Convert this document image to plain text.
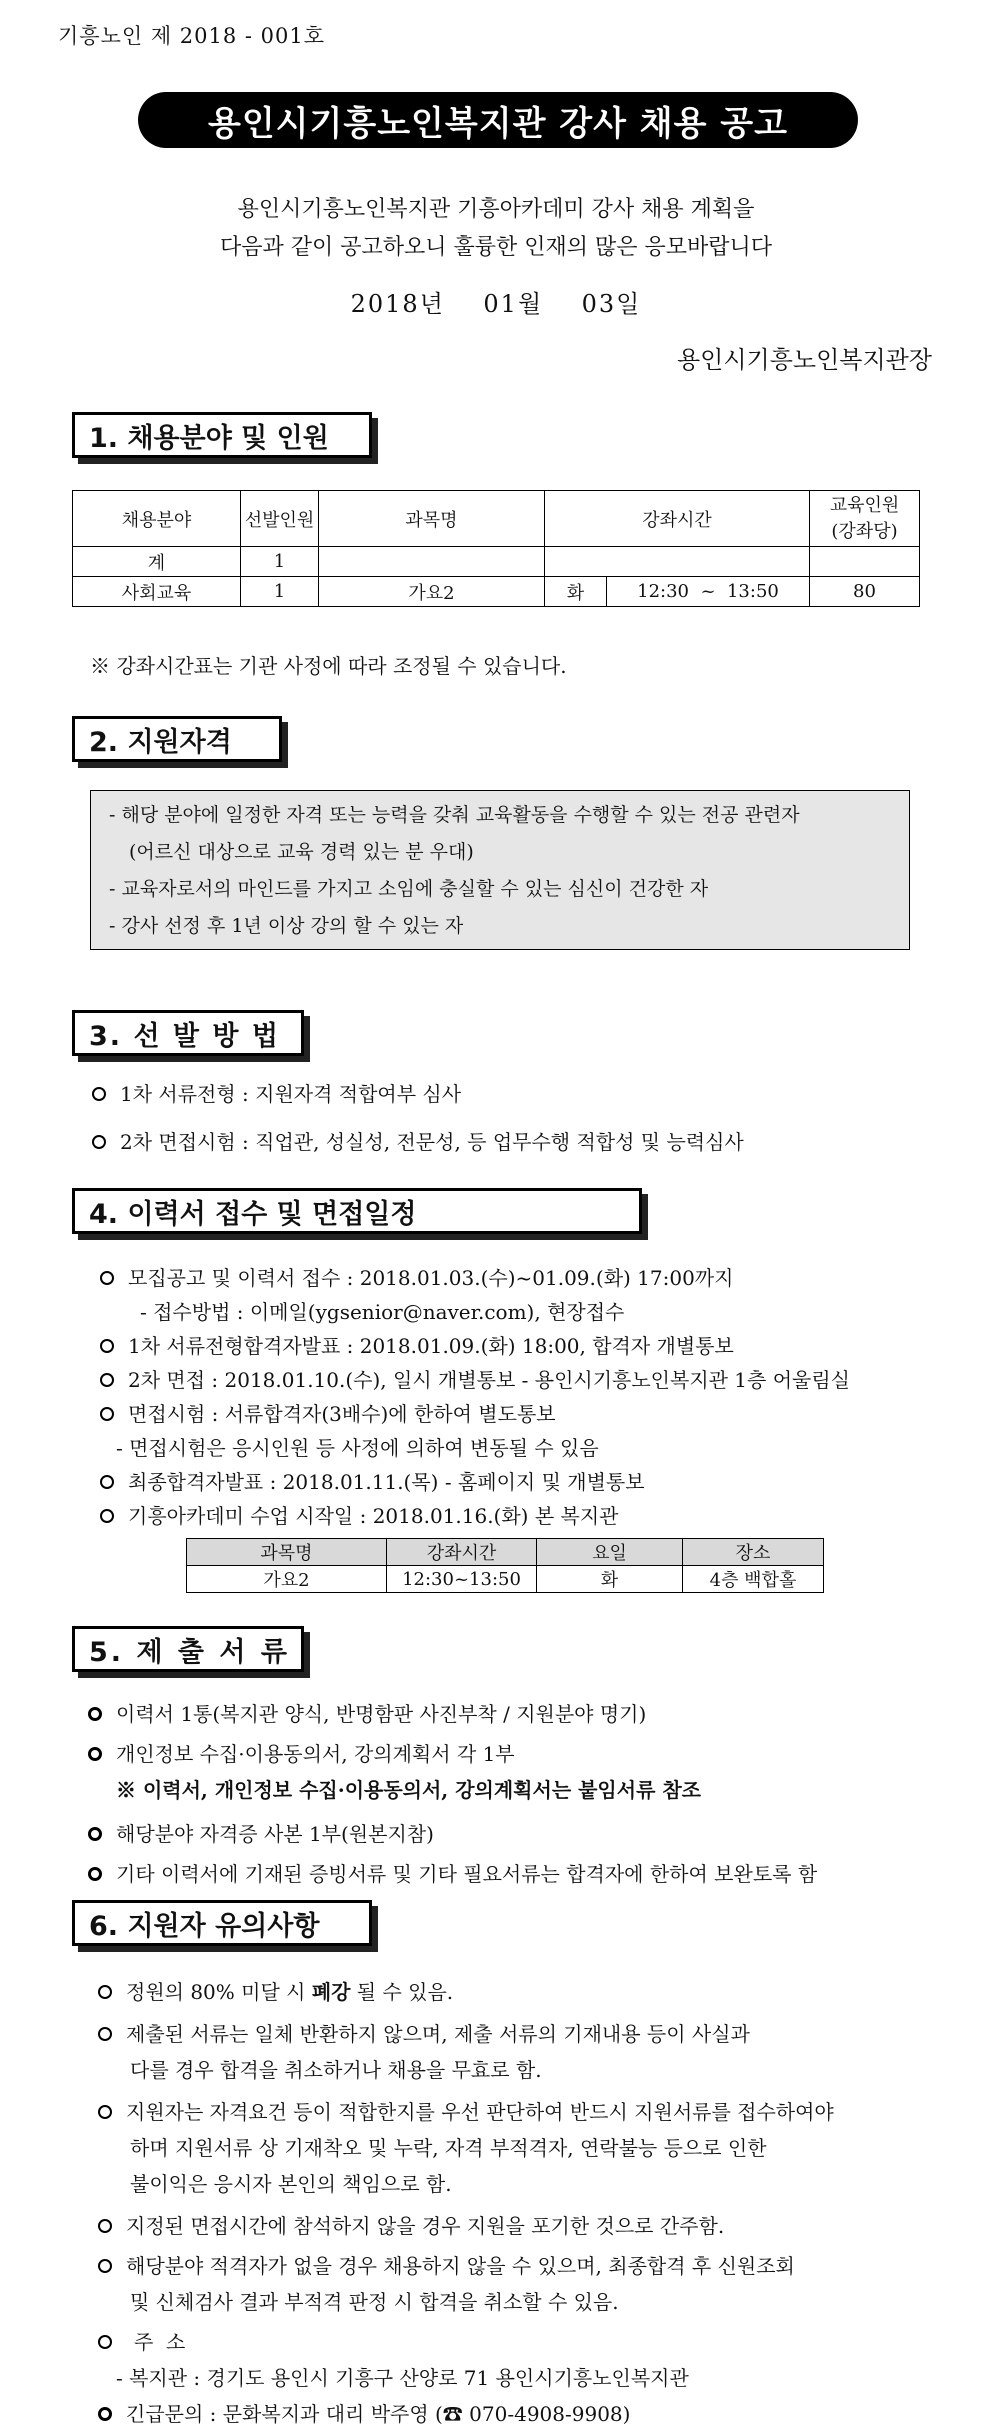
기흥노인 제 2018 - 001호
용인시기흥노인복지관 강사 채용 공고
용인시기흥노인복지관 기흥아카데미 강사 채용 계획을
다음과 같이 공고하오니 훌륭한 인재의 많은 응모바랍니다
2018년    01월    03일
용인시기흥노인복지관장
1. 채용분야 및 인원
채용분야	선발인원	과목명	강좌시간		교육인원
(강좌당)
계	1				
사회교육	1	가요2	화	12:30  ~  13:50	80
※ 강좌시간표는 기관 사정에 따라 조정될 수 있습니다.
2. 지원자격
- 해당 분야에 일정한 자격 또는 능력을 갖춰 교육활동을 수행할 수 있는 전공 관련자
(어르신 대상으로 교육 경력 있는 분 우대)
- 교육자로서의 마인드를 가지고 소임에 충실할 수 있는 심신이 건강한 자
- 강사 선정 후 1년 이상 강의 할 수 있는 자
3. 선 발 방 법
1차 서류전형 : 지원자격 적합여부 심사
2차 면접시험 : 직업관, 성실성, 전문성, 등 업무수행 적합성 및 능력심사
4. 이력서 접수 및 면접일정
모집공고 및 이력서 접수 : 2018.01.03.(수)~01.09.(화) 17:00까지
- 접수방법 : 이메일(ygsenior@naver.com), 현장접수
1차 서류전형합격자발표 : 2018.01.09.(화) 18:00, 합격자 개별통보
2차 면접 : 2018.01.10.(수), 일시 개별통보 - 용인시기흥노인복지관 1층 어울림실
면접시험 : 서류합격자(3배수)에 한하여 별도통보
- 면접시험은 응시인원 등 사정에 의하여 변동될 수 있음
최종합격자발표 : 2018.01.11.(목) - 홈페이지 및 개별통보
기흥아카데미 수업 시작일 : 2018.01.16.(화) 본 복지관
과목명	강좌시간	요일	장소
가요2	12:30~13:50	화	4층 백합홀
5. 제 출 서 류
이력서 1통(복지관 양식, 반명함판 사진부착 / 지원분야 명기)
개인정보 수집·이용동의서, 강의계획서 각 1부
※ 이력서, 개인정보 수집·이용동의서, 강의계획서는 붙임서류 참조
해당분야 자격증 사본 1부(원본지참)
기타 이력서에 기재된 증빙서류 및 기타 필요서류는 합격자에 한하여 보완토록 함
6. 지원자 유의사항
정원의 80% 미달 시 폐강 될 수 있음.
제출된 서류는 일체 반환하지 않으며, 제출 서류의 기재내용 등이 사실과
다를 경우 합격을 취소하거나 채용을 무효로 함.
지원자는 자격요건 등이 적합한지를 우선 판단하여 반드시 지원서류를 접수하여야
하며 지원서류 상 기재착오 및 누락, 자격 부적격자, 연락불능 등으로 인한
불이익은 응시자 본인의 책임으로 함.
지정된 면접시간에 참석하지 않을 경우 지원을 포기한 것으로 간주함.
해당분야 적격자가 없을 경우 채용하지 않을 수 있으며, 최종합격 후 신원조회
및 신체검사 결과 부적격 판정 시 합격을 취소할 수 있음.
주  소
- 복지관 : 경기도 용인시 기흥구 산양로 71 용인시기흥노인복지관
긴급문의 : 문화복지과 대리 박주영 (☎ 070-4908-9908)
